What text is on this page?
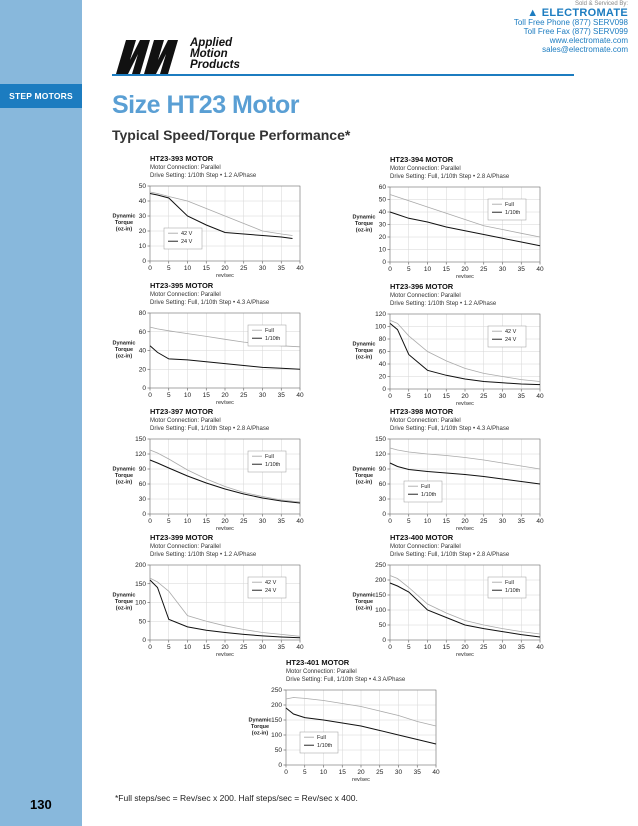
STEP MOTORS
130
Applied
Motion
Products
Sold & Serviced By:
▲ ELECTROMATE
Toll Free Phone (877) SERV098
Toll Free Fax (877) SERV099
www.electromate.com
sales@electromate.com
Size HT23 Motor
Typical Speed/Torque Performance*
HT23-393 MOTOR
Motor Connection: Parallel
Drive Setting: 1/10th Step • 1.2 A/Phase
0 5 10 15 20 25 30 35 40
0
10
20
30
40
50
rev/sec
Dynamic
Torque
(oz-in)
42 V
24 V
HT23-394 MOTOR
Motor Connection: Parallel
Drive Setting: Full, 1/10th Step • 2.8 A/Phase
0 5 10 15 20 25 30 35 40
0
10
20
30
40
50
60
rev/sec
Dynamic
Torque
(oz-in)
Full
1/10th
HT23-395 MOTOR
Motor Connection: Parallel
Drive Setting: Full, 1/10th Step • 4.3 A/Phase
0 5 10 15 20 25 30 35 40
0
20
40
60
80
rev/sec
Dynamic
Torque
(oz-in)
Full
1/10th
HT23-396 MOTOR
Motor Connection: Parallel
Drive Setting: 1/10th Step • 1.2 A/Phase
0 5 10 15 20 25 30 35 40
0
20
40
60
80
100
120
rev/sec
Dynamic
Torque
(oz-in)
42 V
24 V
HT23-397 MOTOR
Motor Connection: Parallel
Drive Setting: Full, 1/10th Step • 2.8 A/Phase
0 5 10 15 20 25 30 35 40
0
30
60
90
120
150
rev/sec
Dynamic
Torque
(oz-in)
Full
1/10th
HT23-398 MOTOR
Motor Connection: Parallel
Drive Setting: Full, 1/10th Step • 4.3 A/Phase
0 5 10 15 20 25 30 35 40
0
30
60
90
120
150
rev/sec
Dynamic
Torque
(oz-in)
Full
1/10th
HT23-399 MOTOR
Motor Connection: Parallel
Drive Setting: 1/10th Step • 1.2 A/Phase
0 5 10 15 20 25 30 35 40
0
50
100
150
200
rev/sec
Dynamic
Torque
(oz-in)
42 V
24 V
HT23-400 MOTOR
Motor Connection: Parallel
Drive Setting: Full, 1/10th Step • 2.8 A/Phase
0 5 10 15 20 25 30 35 40
0
50
100
150
200
250
rev/sec
Dynamic
Torque
(oz-in)
Full
1/10th
HT23-401 MOTOR
Motor Connection: Parallel
Drive Setting: Full, 1/10th Step • 4.3 A/Phase
0 5 10 15 20 25 30 35 40
0
50
100
150
200
250
rev/sec
Dynamic
Torque
(oz-in)
Full
1/10th
*Full steps/sec = Rev/sec x 200. Half steps/sec = Rev/sec x 400.
